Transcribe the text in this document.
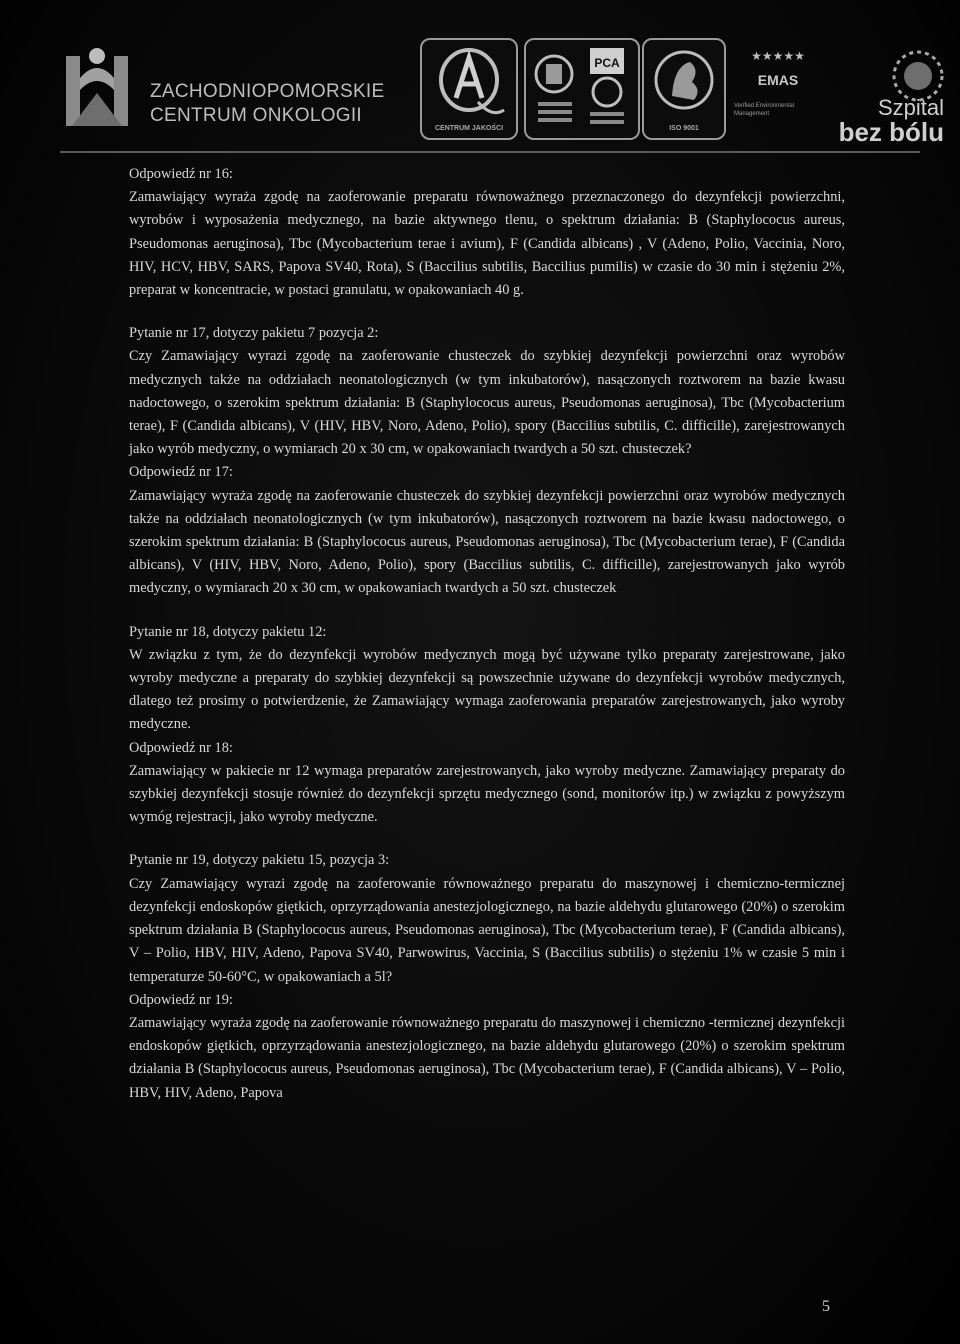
ZACHODNIOPOMORSKIE
CENTRUM ONKOLOGII
CENTRUM JAKOŚCI
PCA
ISO 9001
★★★★★
EMAS
Verified Environmental
Management	Szpital
bez bólu
Odpowiedź nr 16:
Zamawiający wyraża zgodę na zaoferowanie preparatu równoważnego przeznaczonego do dezynfekcji powierzchni, wyrobów i wyposażenia medycznego, na bazie aktywnego tlenu, o spektrum działania: B (Staphylococus aureus, Pseudomonas aeruginosa), Tbc (Mycobacterium terae i avium), F (Candida albicans) , V (Adeno, Polio, Vaccinia, Noro, HIV, HCV, HBV, SARS, Papova SV40, Rota), S (Baccilius subtilis, Baccilius pumilis) w czasie do 30 min i stężeniu 2%, preparat w koncentracie, w postaci granulatu, w opakowaniach 40 g.
Pytanie nr 17, dotyczy pakietu 7 pozycja 2:
Czy Zamawiający wyrazi zgodę na zaoferowanie chusteczek do szybkiej dezynfekcji powierzchni oraz wyrobów medycznych także na oddziałach neonatologicznych (w tym inkubatorów), nasączonych roztworem na bazie kwasu nadoctowego, o szerokim spektrum działania: B (Staphylococus aureus, Pseudomonas aeruginosa), Tbc (Mycobacterium terae), F (Candida albicans), V (HIV, HBV, Noro, Adeno, Polio), spory (Baccilius subtilis, C. difficille), zarejestrowanych jako wyrób medyczny, o wymiarach 20 x 30 cm, w opakowaniach twardych a 50 szt. chusteczek?
Odpowiedź nr 17:
Zamawiający wyraża zgodę na zaoferowanie chusteczek do szybkiej dezynfekcji powierzchni oraz wyrobów medycznych także na oddziałach neonatologicznych (w tym inkubatorów), nasączonych roztworem na bazie kwasu nadoctowego, o szerokim spektrum działania: B (Staphylococus aureus, Pseudomonas aeruginosa), Tbc (Mycobacterium terae), F (Candida albicans), V (HIV, HBV, Noro, Adeno, Polio), spory (Baccilius subtilis, C. difficille), zarejestrowanych jako wyrób medyczny, o wymiarach 20 x 30 cm, w opakowaniach twardych a 50 szt. chusteczek
Pytanie nr 18, dotyczy pakietu 12:
W związku z tym, że do dezynfekcji wyrobów medycznych mogą być używane tylko preparaty zarejestrowane, jako wyroby medyczne a preparaty do szybkiej dezynfekcji są powszechnie używane do dezynfekcji wyrobów medycznych, dlatego też prosimy o potwierdzenie, że Zamawiający wymaga zaoferowania preparatów zarejestrowanych, jako wyroby medyczne.
Odpowiedź nr 18:
Zamawiający w pakiecie nr 12 wymaga preparatów zarejestrowanych, jako wyroby medyczne. Zamawiający preparaty do szybkiej dezynfekcji stosuje również do dezynfekcji sprzętu medycznego (sond, monitorów itp.) w związku z powyższym wymóg rejestracji, jako wyroby medyczne.
Pytanie nr 19, dotyczy pakietu 15, pozycja 3:
Czy Zamawiający wyrazi zgodę na zaoferowanie równoważnego preparatu do maszynowej i chemiczno-termicznej dezynfekcji endoskopów giętkich, oprzyrządowania anestezjologicznego, na bazie aldehydu glutarowego (20%) o szerokim spektrum działania B (Staphylococus aureus, Pseudomonas aeruginosa), Tbc (Mycobacterium terae), F (Candida albicans), V – Polio, HBV, HIV, Adeno, Papova SV40, Parwowirus, Vaccinia, S (Baccilius subtilis) o stężeniu 1% w czasie 5 min i temperaturze 50-60°C, w opakowaniach a 5l?
Odpowiedź nr 19:
Zamawiający wyraża zgodę na zaoferowanie równoważnego preparatu do maszynowej i chemiczno -termicznej dezynfekcji endoskopów giętkich, oprzyrządowania anestezjologicznego, na bazie aldehydu glutarowego (20%) o szerokim spektrum działania B (Staphylococus aureus, Pseudomonas aeruginosa), Tbc (Mycobacterium terae), F (Candida albicans), V – Polio, HBV, HIV, Adeno, Papova
5
